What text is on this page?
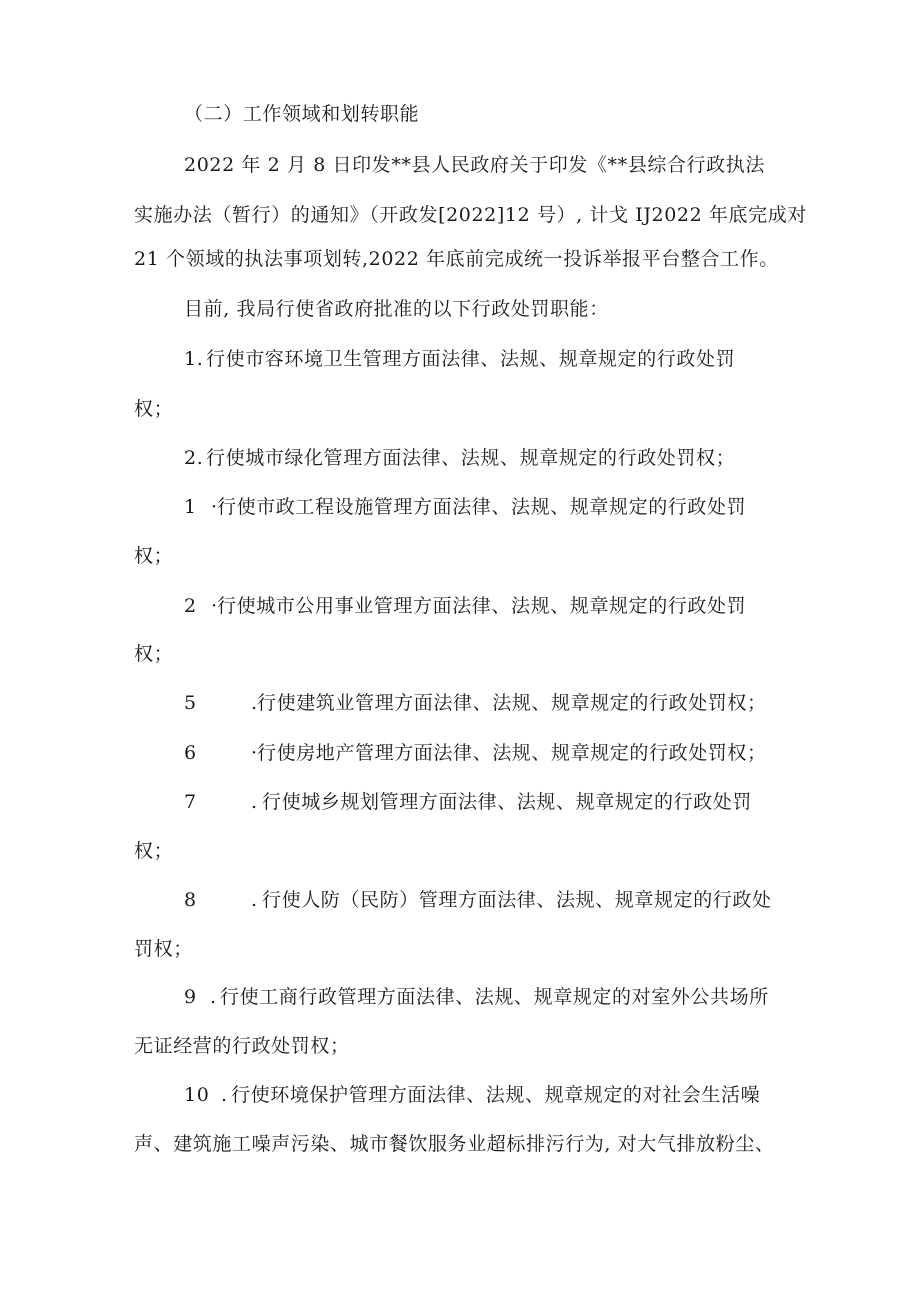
（二）工作领域和划转职能
2022 年 2 月 8 日印发**县人民政府关于印发《**县综合行政执法
实施办法（暂行）的通知》（开政发[2022]12 号）, 计戈 IJ2022 年底完成对
21 个领域的执法事项划转,2022 年底前完成统一投诉举报平台整合工作。
目前, 我局行使省政府批准的以下行政处罚职能：
1. 行使市容环境卫生管理方面法律、法规、规章规定的行政处罚
权；
2. 行使城市绿化管理方面法律、法规、规章规定的行政处罚权；
1 · 行使市政工程设施管理方面法律、法规、规章规定的行政处罚
权；
2 · 行使城市公用事业管理方面法律、法规、规章规定的行政处罚
权；
5	. 行使建筑业管理方面法律、法规、规章规定的行政处罚权；
6	· 行使房地产管理方面法律、法规、规章规定的行政处罚权；
7	. 行使城乡规划管理方面法律、法规、规章规定的行政处罚
权；
8	. 行使人防（民防）管理方面法律、法规、规章规定的行政处
罚权；
9 . 行使工商行政管理方面法律、法规、规章规定的对室外公共场所
无证经营的行政处罚权；
10 . 行使环境保护管理方面法律、法规、规章规定的对社会生活噪
声、建筑施工噪声污染、城市餐饮服务业超标排污行为, 对大气排放粉尘、
